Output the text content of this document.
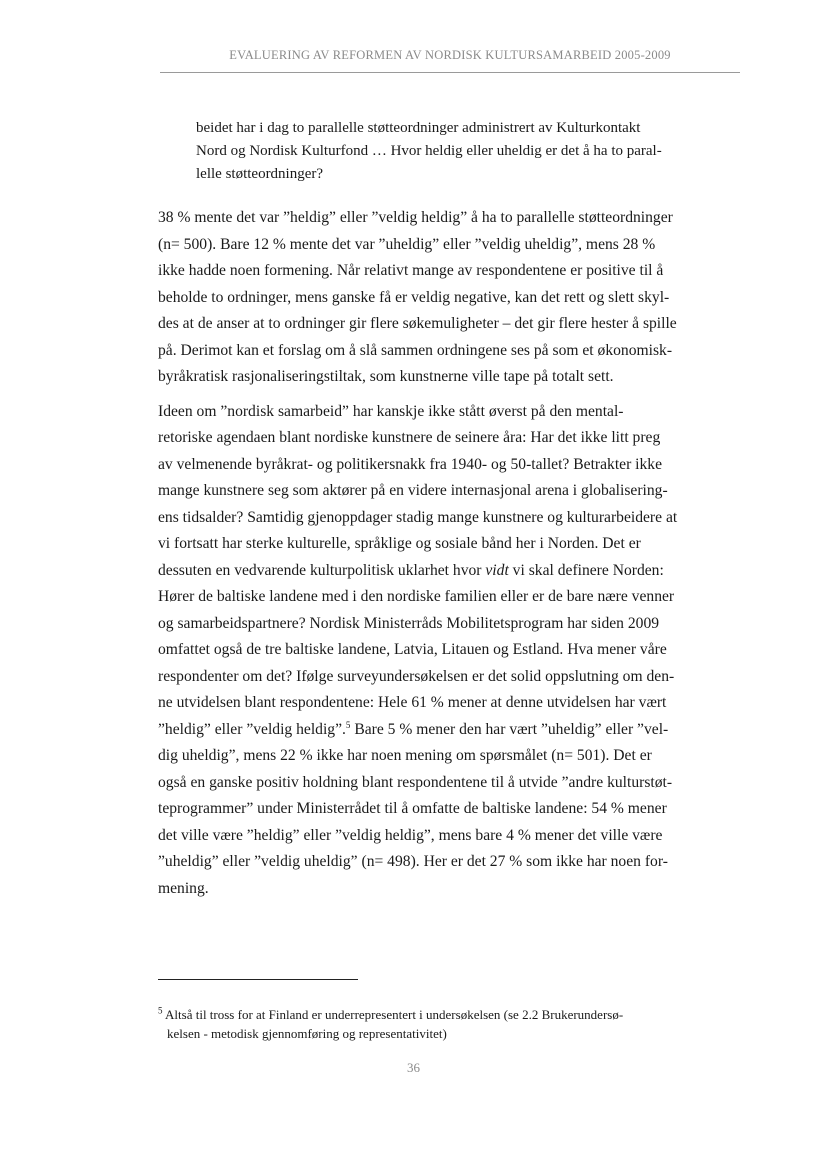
EVALUERING AV REFORMEN AV NORDISK KULTURSAMARBEID 2005-2009

beidet har i dag to parallelle støtteordninger administrert av Kulturkontakt

Nord og Nordisk Kulturfond … Hvor heldig eller uheldig er det å ha to paral-

lelle støtteordninger?

38 % mente det var ”heldig” eller ”veldig heldig” å ha to parallelle støtteordninger
(n= 500). Bare 12 % mente det var ”uheldig” eller ”veldig uheldig”, mens 28 %
ikke hadde noen formening. Når relativt mange av respondentene er positive til å
beholde to ordninger, mens ganske få er veldig negative, kan det rett og slett skyl-
des at de anser at to ordninger gir flere søkemuligheter – det gir flere hester å spille
på. Derimot kan et forslag om å slå sammen ordningene ses på som et økonomisk-
byråkratisk rasjonaliseringstiltak, som kunstnerne ville tape på totalt sett.

Ideen om ”nordisk samarbeid” har kanskje ikke stått øverst på den mental-
retoriske agendaen blant nordiske kunstnere de seinere åra: Har det ikke litt preg
av velmenende byråkrat- og politikersnakk fra 1940- og 50-tallet? Betrakter ikke
mange kunstnere seg som aktører på en videre internasjonal arena i globalisering-
ens tidsalder? Samtidig gjenoppdager stadig mange kunstnere og kulturarbeidere at
vi fortsatt har sterke kulturelle, språklige og sosiale bånd her i Norden. Det er
dessuten en vedvarende kulturpolitisk uklarhet hvor vidt vi skal definere Norden:
Hører de baltiske landene med i den nordiske familien eller er de bare nære venner
og samarbeidspartnere? Nordisk Ministerråds Mobilitetsprogram har siden 2009
omfattet også de tre baltiske landene, Latvia, Litauen og Estland. Hva mener våre
respondenter om det? Ifølge surveyundersøkelsen er det solid oppslutning om den-
ne utvidelsen blant respondentene: Hele 61 % mener at denne utvidelsen har vært
”heldig” eller ”veldig heldig”.$^5$ Bare 5 % mener den har vært ”uheldig” eller ”vel-
dig uheldig”, mens 22 % ikke har noen mening om spørsmålet (n= 501). Det er
også en ganske positiv holdning blant respondentene til å utvide ”andre kulturstøt-
teprogrammer” under Ministerrådet til å omfatte de baltiske landene: 54 % mener
det ville være ”heldig” eller ”veldig heldig”, mens bare 4 % mener det ville være
”uheldig” eller ”veldig uheldig” (n= 498). Her er det 27 % som ikke har noen for-
mening.

$^5$ Altså til tross for at Finland er underrepresentert i undersøkelsen (se 2.2 Brukerundersø-
kelsen - metodisk gjennomføring og representativitet)
36
